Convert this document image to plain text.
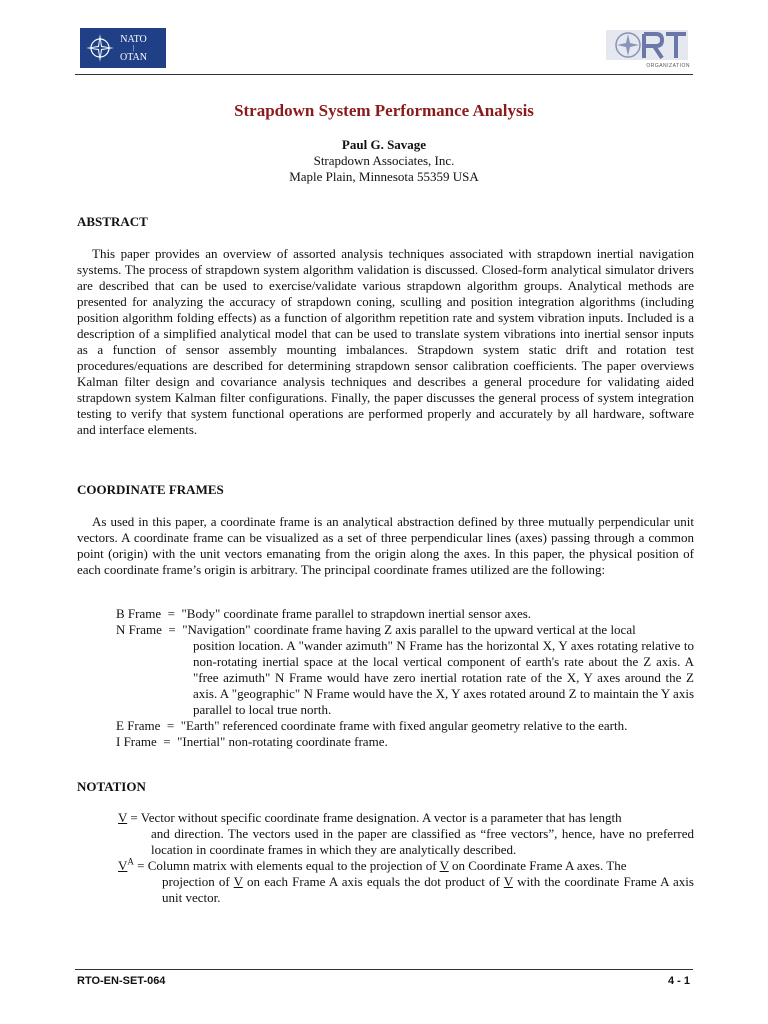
NATO
|
OTAN
ORGANIZATION
Strapdown System Performance Analysis
Paul G. Savage
Strapdown Associates, Inc.
Maple Plain, Minnesota 55359 USA

ABSTRACT

This paper provides an overview of assorted analysis techniques associated with strapdown inertial navigation systems. The process of strapdown system algorithm validation is discussed. Closed-form analytical simulator drivers are described that can be used to exercise/validate various strapdown algorithm groups. Analytical methods are presented for analyzing the accuracy of strapdown coning, sculling and position integration algorithms (including position algorithm folding effects) as a function of algorithm repetition rate and system vibration inputs. Included is a description of a simplified analytical model that can be used to translate system vibrations into inertial sensor inputs as a function of sensor assembly mounting imbalances. Strapdown system static drift and rotation test procedures/equations are described for determining strapdown sensor calibration coefficients. The paper overviews Kalman filter design and covariance analysis techniques and describes a general procedure for validating aided strapdown system Kalman filter configurations. Finally, the paper discusses the general process of system integration testing to verify that system functional operations are performed properly and accurately by all hardware, software and interface elements.

COORDINATE FRAMES

As used in this paper, a coordinate frame is an analytical abstraction defined by three mutually perpendicular unit vectors. A coordinate frame can be visualized as a set of three perpendicular lines (axes) passing through a common point (origin) with the unit vectors emanating from the origin along the axes. In this paper, the physical position of each coordinate frame’s origin is arbitrary. The principal coordinate frames utilized are the following:

B Frame  =  "Body" coordinate frame parallel to strapdown inertial sensor axes.
N Frame  =  "Navigation" coordinate frame having Z axis parallel to the upward vertical at the local
position location. A "wander azimuth" N Frame has the horizontal X, Y axes rotating relative to non-rotating inertial space at the local vertical component of earth's rate about the Z axis. A "free azimuth" N Frame would have zero inertial rotation rate of the X, Y axes around the Z axis. A "geographic" N Frame would have the X, Y axes rotated around Z to maintain the Y axis parallel to local true north.
E Frame  =  "Earth" referenced coordinate frame with fixed angular geometry relative to the earth.
I Frame  =  "Inertial" non-rotating coordinate frame.

NOTATION

V = Vector without specific coordinate frame designation. A vector is a parameter that has length
and direction. The vectors used in the paper are classified as “free vectors”, hence, have no preferred location in coordinate frames in which they are analytically described.
$V^A$ = Column matrix with elements equal to the projection of V on Coordinate Frame A axes. The
projection of V on each Frame A axis equals the dot product of V with the coordinate Frame A axis unit vector.
RTO-EN-SET-064	4 - 1
